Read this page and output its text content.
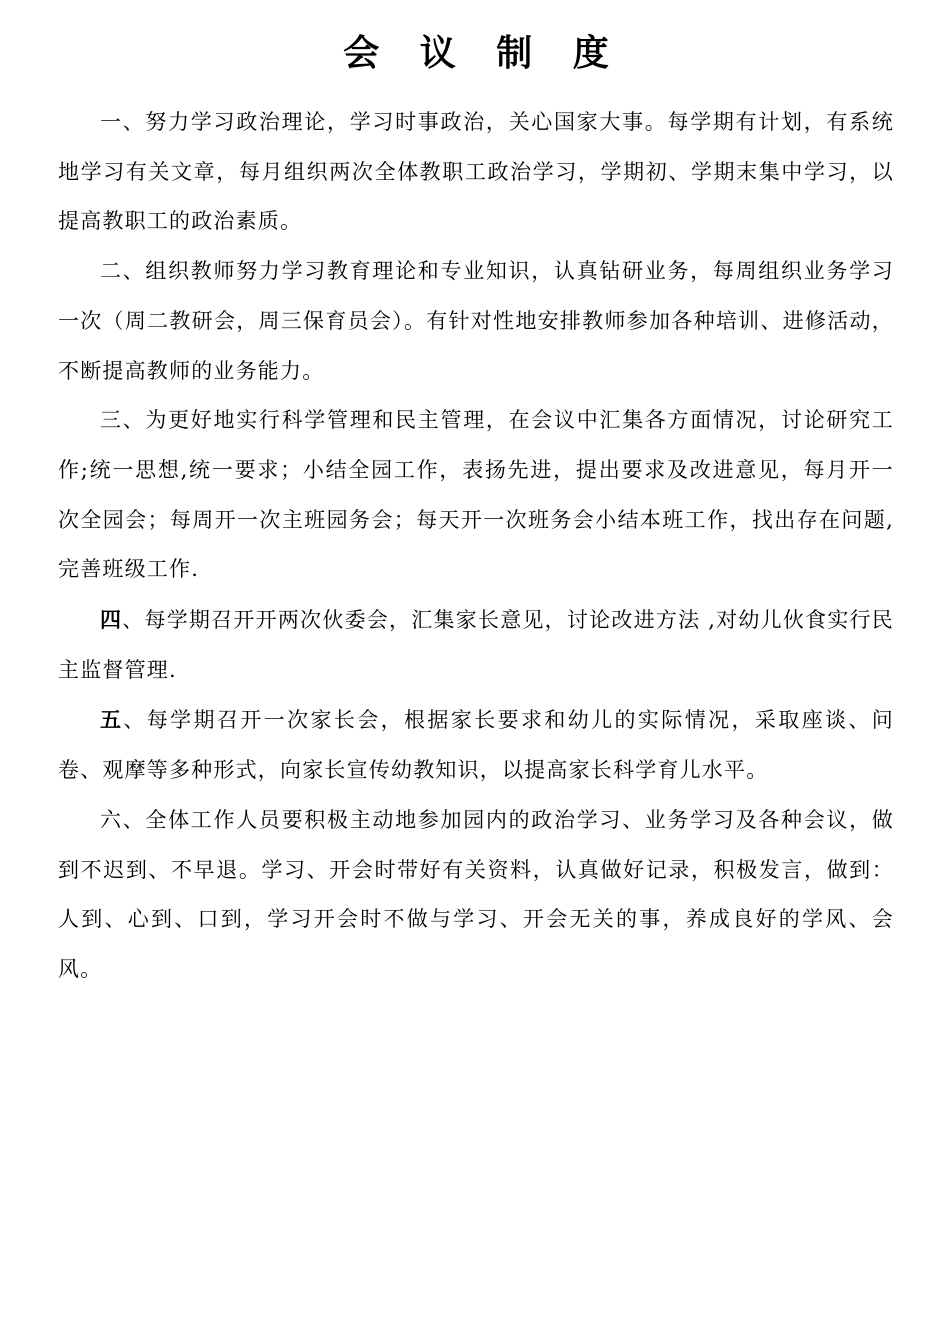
会 议 制 度

一、努力学习政治理论，学习时事政治，关心国家大事。每学期有计划，有系统地学习有关文章，每月组织两次全体教职工政治学习，学期初、学期末集中学习，以提高教职工的政治素质。

二、组织教师努力学习教育理论和专业知识，认真钻研业务，每周组织业务学习一次（周二教研会，周三保育员会）。有针对性地安排教师参加各种培训、进修活动，不断提高教师的业务能力。

三、为更好地实行科学管理和民主管理，在会议中汇集各方面情况，讨论研究工作;统一思想,统一要求；小结全园工作，表扬先进，提出要求及改进意见，每月开一次全园会；每周开一次主班园务会；每天开一次班务会小结本班工作，找出存在问题,完善班级工作.

四、每学期召开开两次伙委会，汇集家长意见，讨论改进方法 ,对幼儿伙食实行民主监督管理.

五、每学期召开一次家长会，根据家长要求和幼儿的实际情况，采取座谈、问卷、观摩等多种形式，向家长宣传幼教知识，以提高家长科学育儿水平。

六、全体工作人员要积极主动地参加园内的政治学习、业务学习及各种会议，做到不迟到、不早退。学习、开会时带好有关资料，认真做好记录，积极发言，做到：人到、心到、口到，学习开会时不做与学习、开会无关的事，养成良好的学风、会风。
